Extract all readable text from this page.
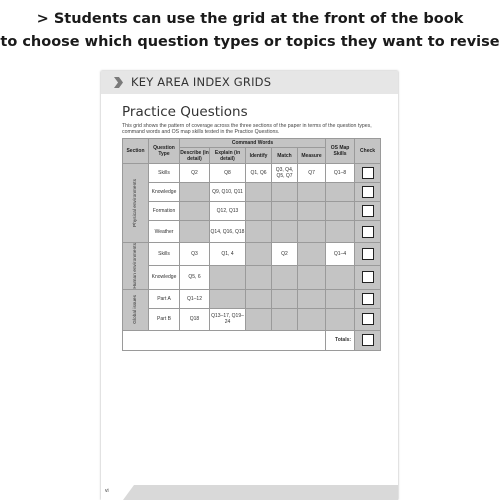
> Students can use the grid at the front of the book
to choose which question types or topics they want to revise
KEY AREA INDEX GRIDS
Practice Questions
This grid shows the pattern of coverage across the three sections of the paper in terms of the question types, command words and OS map skills tested in the Practice Questions.
Section	Question Type	Command Words					OS Map Skills	Check
		Describe (in detail)	Explain (in detail)	Identify	Match	Measure		

Physical environments	Skills	Q2	Q8	Q1, Q6	Q3, Q4, Q5, Q7	Q7	Q1–8	

	Knowledge		Q9, Q10, Q11					

	Formation		Q12, Q13					

	Weather		Q14, Q16, Q18					

Human environments	Skills	Q3	Q1, 4		Q2		Q1–4	

	Knowledge	Q5, 6						

Global issues	Part A	Q1–12						

	Part B	Q18	Q13–17, Q19–24					

							Totals:	
vi
